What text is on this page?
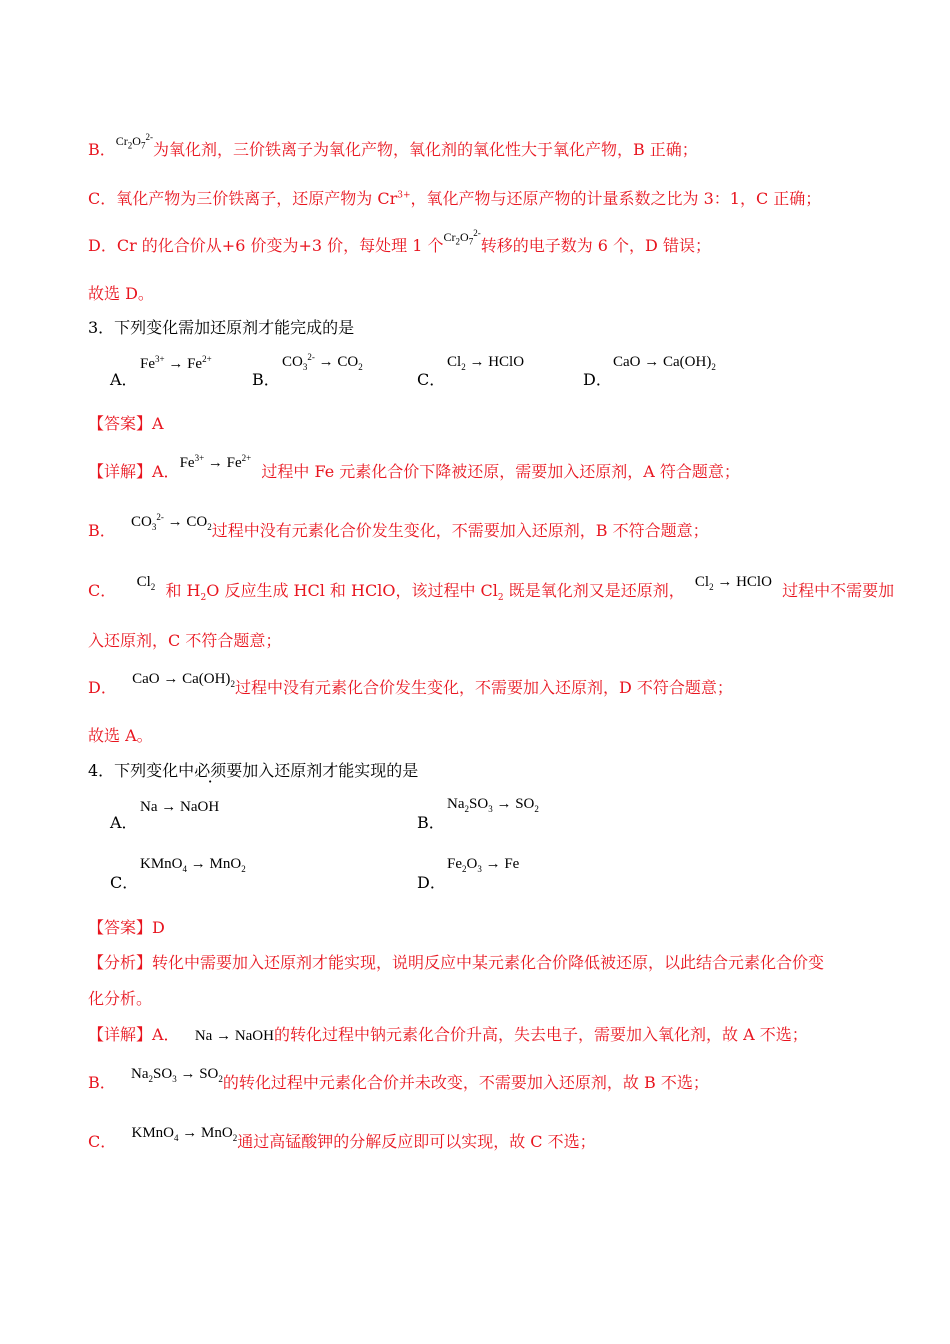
B．$Cr_2O_7^{2-}$为氧化剂，三价铁离子为氧化产物，氧化剂的氧化性大于氧化产物，B 正确；
C．氧化产物为三价铁离子，还原产物为 $Cr^{3+}$，氧化产物与还原产物的计量系数之比为 3：1，C 正确；
D．Cr 的化合价从+6 价变为+3 价，每处理 1 个$Cr_2O_7^{2-}$转移的电子数为 6 个，D 错误；
故选 D。
3．下列变化需加还原剂才能完成的是
A．
$Fe^{3+} \to Fe^{2+}$
B．
$CO_3^{2-} \to CO_2$
C．
$Cl_2$ → HClO
D．
CaO → $Ca(OH)_2$
【答案】A
【详解】A．$Fe^{3+} \to Fe^{2+}$  过程中 Fe 元素化合价下降被还原，需要加入还原剂，A 符合题意；
B． $CO_3^{2-} \to CO_2$过程中没有元素化合价发生变化，不需要加入还原剂，B 不符合题意；
C． $Cl_2$ 和 $H_2O$ 反应生成 HCl 和 HClO，该过程中 $Cl_2$ 既是氧化剂又是还原剂， $Cl_2$ → HClO 过程中不需要加
入还原剂，C 不符合题意；
D． CaO → $Ca(OH)_2$过程中没有元素化合价发生变化，不需要加入还原剂，D 不符合题意；
故选 A。
4．下列变化中必须要加入还原剂才能实现的是
A．
Na → NaOH
B．
$Na_2SO_3 \to SO_2$
C．
KMnO$_4$ → MnO$_2$
D．
$Fe_2O_3 \to Fe$
【答案】D
【分析】转化中需要加入还原剂才能实现，说明反应中某元素化合价降低被还原，以此结合元素化合价变
化分析。
【详解】A． Na → NaOH的转化过程中钠元素化合价升高，失去电子，需要加入氧化剂，故 A 不选；
B． $Na_2SO_3 \to SO_2$的转化过程中元素化合价并未改变，不需要加入还原剂，故 B 不选；
C． KMnO$_4$ → MnO$_2$通过高锰酸钾的分解反应即可以实现，故 C 不选；
